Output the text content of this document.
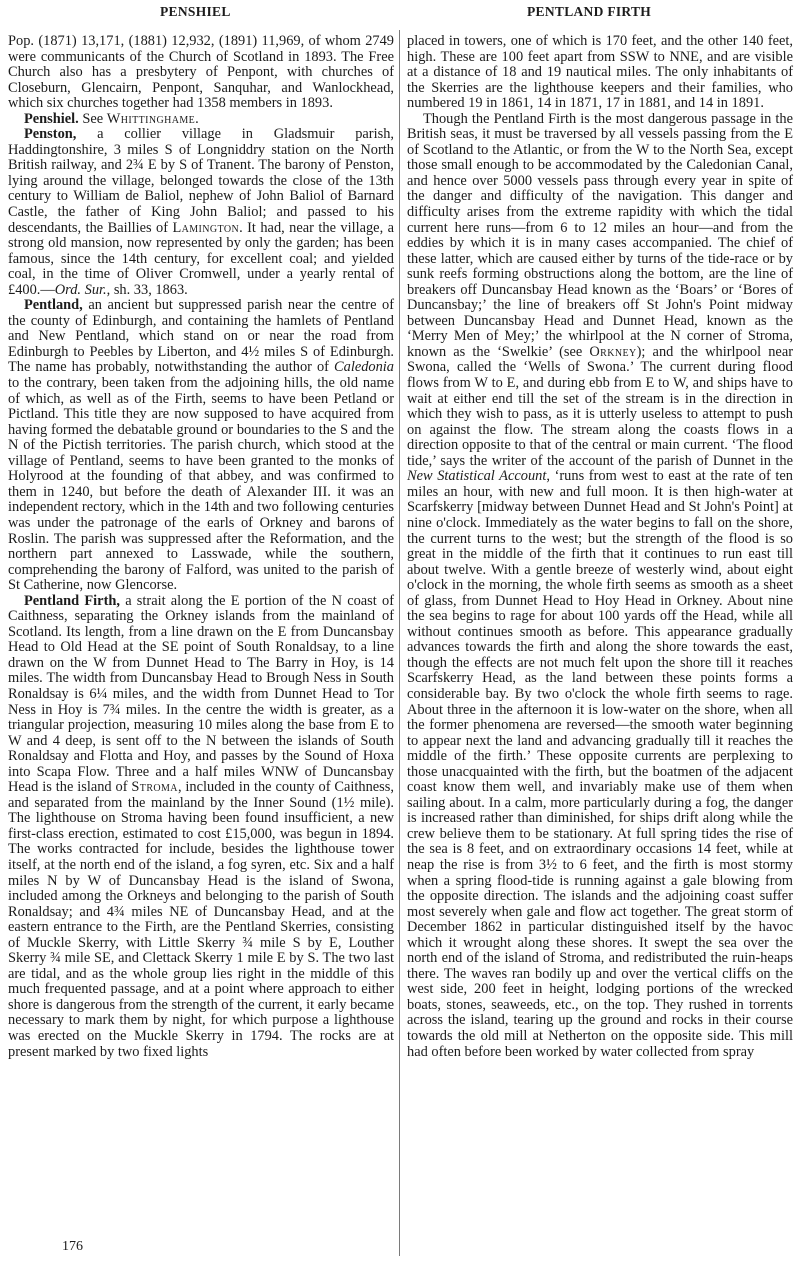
PENSHIEL	PENTLAND FIRTH

Pop. (1871) 13,171, (1881) 12,932, (1891) 11,969, of whom 2749 were communicants of the Church of Scotland in 1893. The Free Church also has a presbytery of Penpont, with churches of Closeburn, Glencairn, Penpont, Sanquhar, and Wanlockhead, which six churches together had 1358 members in 1893.

Penshiel. See Whittinghame.

Penston, a collier village in Gladsmuir parish, Haddingtonshire, 3 miles S of Longniddry station on the North British railway, and 2¾ E by S of Tranent. The barony of Penston, lying around the village, belonged towards the close of the 13th century to William de Baliol, nephew of John Baliol of Barnard Castle, the father of King John Baliol; and passed to his descendants, the Baillies of Lamington. It had, near the village, a strong old mansion, now represented by only the garden; has been famous, since the 14th century, for excellent coal; and yielded coal, in the time of Oliver Cromwell, under a yearly rental of £400.—Ord. Sur., sh. 33, 1863.

Pentland, an ancient but suppressed parish near the centre of the county of Edinburgh, and containing the hamlets of Pentland and New Pentland, which stand on or near the road from Edinburgh to Peebles by Liberton, and 4½ miles S of Edinburgh. The name has probably, notwithstanding the author of Caledonia to the contrary, been taken from the adjoining hills, the old name of which, as well as of the Firth, seems to have been Petland or Pictland. This title they are now supposed to have acquired from having formed the debatable ground or boundaries to the S and the N of the Pictish territories. The parish church, which stood at the village of Pentland, seems to have been granted to the monks of Holyrood at the founding of that abbey, and was confirmed to them in 1240, but before the death of Alexander III. it was an independent rectory, which in the 14th and two following centuries was under the patronage of the earls of Orkney and barons of Roslin. The parish was suppressed after the Reformation, and the northern part annexed to Lasswade, while the southern, comprehending the barony of Falford, was united to the parish of St Catherine, now Glencorse.

Pentland Firth, a strait along the E portion of the N coast of Caithness, separating the Orkney islands from the mainland of Scotland. Its length, from a line drawn on the E from Duncansbay Head to Old Head at the SE point of South Ronaldsay, to a line drawn on the W from Dunnet Head to The Barry in Hoy, is 14 miles. The width from Duncansbay Head to Brough Ness in South Ronaldsay is 6¼ miles, and the width from Dunnet Head to Tor Ness in Hoy is 7¾ miles. In the centre the width is greater, as a triangular projection, measuring 10 miles along the base from E to W and 4 deep, is sent off to the N between the islands of South Ronaldsay and Flotta and Hoy, and passes by the Sound of Hoxa into Scapa Flow. Three and a half miles WNW of Duncansbay Head is the island of Stroma, included in the county of Caithness, and separated from the mainland by the Inner Sound (1½ mile). The lighthouse on Stroma having been found insufficient, a new first-class erection, estimated to cost £15,000, was begun in 1894. The works contracted for include, besides the lighthouse tower itself, at the north end of the island, a fog syren, etc. Six and a half miles N by W of Duncansbay Head is the island of Swona, included among the Orkneys and belonging to the parish of South Ronaldsay; and 4¾ miles NE of Duncansbay Head, and at the eastern entrance to the Firth, are the Pentland Skerries, consisting of Muckle Skerry, with Little Skerry ¾ mile S by E, Louther Skerry ¾ mile SE, and Clettack Skerry 1 mile E by S. The two last are tidal, and as the whole group lies right in the middle of this much frequented passage, and at a point where approach to either shore is dangerous from the strength of the current, it early became necessary to mark them by night, for which purpose a lighthouse was erected on the Muckle Skerry in 1794. The rocks are at present marked by two fixed lights

placed in towers, one of which is 170 feet, and the other 140 feet, high. These are 100 feet apart from SSW to NNE, and are visible at a distance of 18 and 19 nautical miles. The only inhabitants of the Skerries are the lighthouse keepers and their families, who numbered 19 in 1861, 14 in 1871, 17 in 1881, and 14 in 1891.

Though the Pentland Firth is the most dangerous passage in the British seas, it must be traversed by all vessels passing from the E of Scotland to the Atlantic, or from the W to the North Sea, except those small enough to be accommodated by the Caledonian Canal, and hence over 5000 vessels pass through every year in spite of the danger and difficulty of the navigation. This danger and difficulty arises from the extreme rapidity with which the tidal current here runs—from 6 to 12 miles an hour—and from the eddies by which it is in many cases accompanied. The chief of these latter, which are caused either by turns of the tide-race or by sunk reefs forming obstructions along the bottom, are the line of breakers off Duncansbay Head known as the ‘Boars’ or ‘Bores of Duncansbay;’ the line of breakers off St John's Point midway between Duncansbay Head and Dunnet Head, known as the ‘Merry Men of Mey;’ the whirlpool at the N corner of Stroma, known as the ‘Swelkie’ (see Orkney); and the whirlpool near Swona, called the ‘Wells of Swona.’ The current during flood flows from W to E, and during ebb from E to W, and ships have to wait at either end till the set of the stream is in the direction in which they wish to pass, as it is utterly useless to attempt to push on against the flow. The stream along the coasts flows in a direction opposite to that of the central or main current. ‘The flood tide,’ says the writer of the account of the parish of Dunnet in the New Statistical Account, ‘runs from west to east at the rate of ten miles an hour, with new and full moon. It is then high-water at Scarfskerry [midway between Dunnet Head and St John's Point] at nine o'clock. Immediately as the water begins to fall on the shore, the current turns to the west; but the strength of the flood is so great in the middle of the firth that it continues to run east till about twelve. With a gentle breeze of westerly wind, about eight o'clock in the morning, the whole firth seems as smooth as a sheet of glass, from Dunnet Head to Hoy Head in Orkney. About nine the sea begins to rage for about 100 yards off the Head, while all without continues smooth as before. This appearance gradually advances towards the firth and along the shore towards the east, though the effects are not much felt upon the shore till it reaches Scarfskerry Head, as the land between these points forms a considerable bay. By two o'clock the whole firth seems to rage. About three in the afternoon it is low-water on the shore, when all the former phenomena are reversed—the smooth water beginning to appear next the land and advancing gradually till it reaches the middle of the firth.’ These opposite currents are perplexing to those unacquainted with the firth, but the boatmen of the adjacent coast know them well, and invariably make use of them when sailing about. In a calm, more particularly during a fog, the danger is increased rather than diminished, for ships drift along while the crew believe them to be stationary. At full spring tides the rise of the sea is 8 feet, and on extraordinary occasions 14 feet, while at neap the rise is from 3½ to 6 feet, and the firth is most stormy when a spring flood-tide is running against a gale blowing from the opposite direction. The islands and the adjoining coast suffer most severely when gale and flow act together. The great storm of December 1862 in particular distinguished itself by the havoc which it wrought along these shores. It swept the sea over the north end of the island of Stroma, and redistributed the ruin-heaps there. The waves ran bodily up and over the vertical cliffs on the west side, 200 feet in height, lodging portions of the wrecked boats, stones, seaweeds, etc., on the top. They rushed in torrents across the island, tearing up the ground and rocks in their course towards the old mill at Netherton on the opposite side. This mill had often before been worked by water collected from spray

176
